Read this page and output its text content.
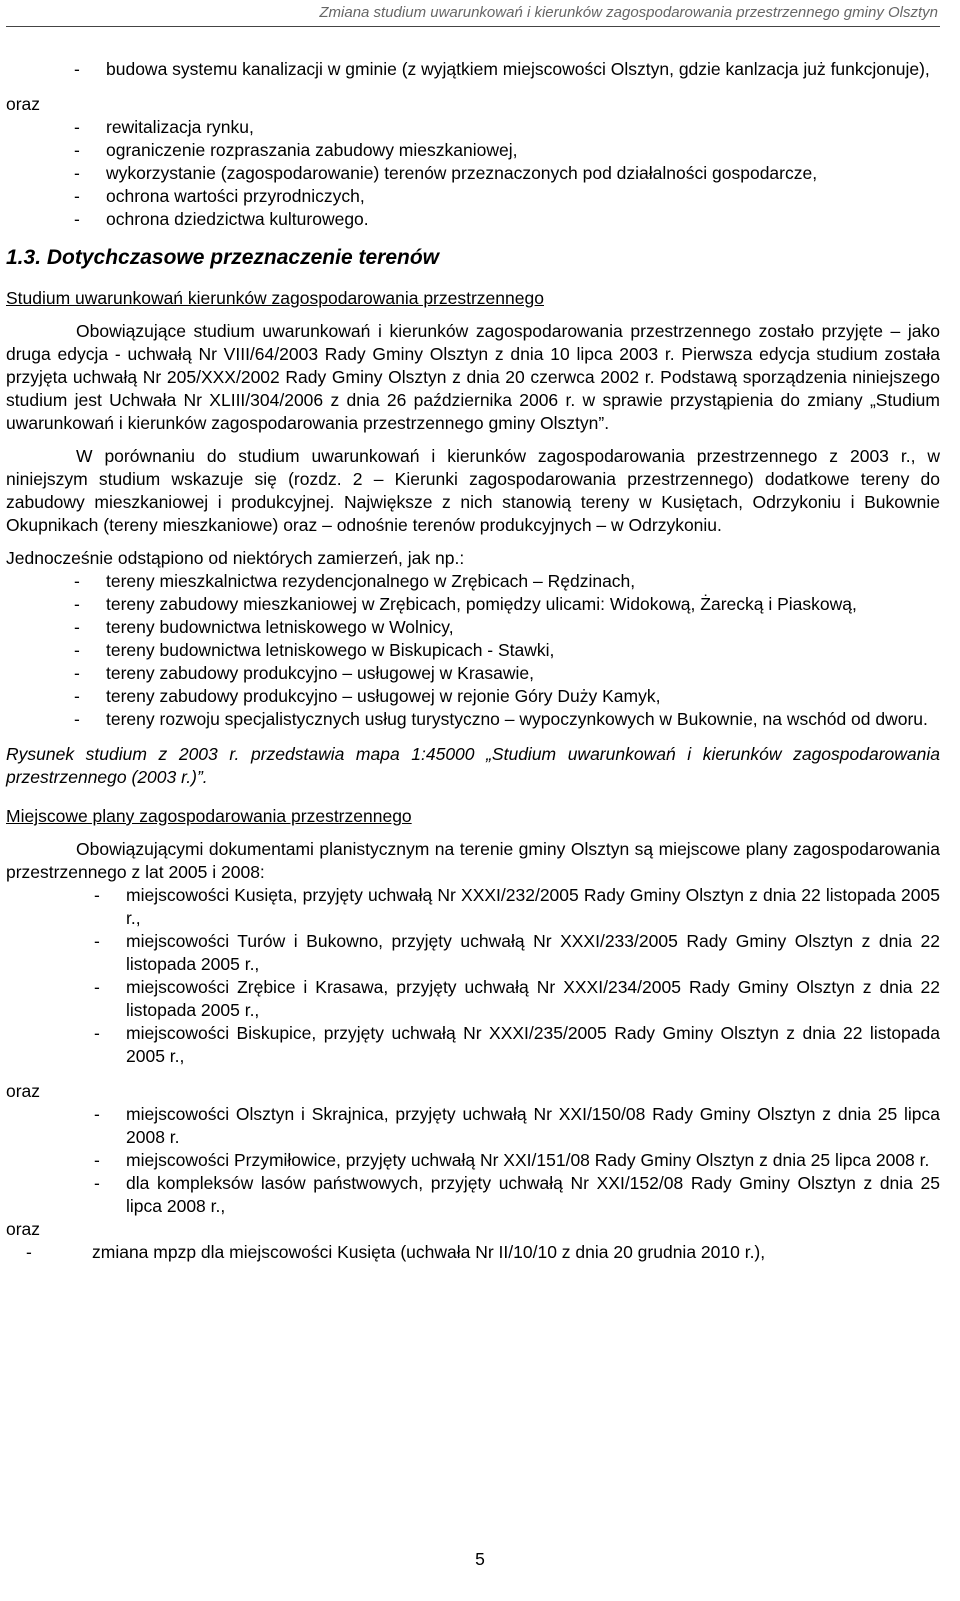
Zmiana studium uwarunkowań i kierunków zagospodarowania przestrzennego gminy Olsztyn
- budowa systemu kanalizacji w gminie (z wyjątkiem miejscowości Olsztyn, gdzie kanlzacja już funkcjonuje),
oraz
- rewitalizacja rynku,
- ograniczenie rozpraszania zabudowy mieszkaniowej,
- wykorzystanie (zagospodarowanie) terenów przeznaczonych pod działalności gospodarcze,
- ochrona wartości przyrodniczych,
- ochrona dziedzictwa kulturowego.
1.3. Dotychczasowe przeznaczenie terenów
Studium uwarunkowań kierunków zagospodarowania przestrzennego

Obowiązujące studium uwarunkowań i kierunków zagospodarowania przestrzennego zostało przyjęte – jako druga edycja - uchwałą Nr VIII/64/2003 Rady Gminy Olsztyn z dnia 10 lipca 2003 r. Pierwsza edycja studium została przyjęta uchwałą Nr 205/XXX/2002 Rady Gminy Olsztyn z dnia 20 czerwca 2002 r. Podstawą sporządzenia niniejszego studium jest Uchwała Nr XLIII/304/2006 z dnia 26 października 2006 r. w sprawie przystąpienia do zmiany „Studium uwarunkowań i kierunków zagospodarowania przestrzennego gminy Olsztyn”.

W porównaniu do studium uwarunkowań i kierunków zagospodarowania przestrzennego z 2003 r., w niniejszym studium wskazuje się (rozdz. 2 – Kierunki zagospodarowania przestrzennego) dodatkowe tereny do zabudowy mieszkaniowej i produkcyjnej. Największe z nich stanowią tereny w Kusiętach, Odrzykoniu i Bukownie Okupnikach (tereny mieszkaniowe) oraz – odnośnie terenów produkcyjnych – w Odrzykoniu.

Jednocześnie odstąpiono od niektórych zamierzeń, jak np.:

- tereny mieszkalnictwa rezydencjonalnego w Zrębicach – Rędzinach,
- tereny zabudowy mieszkaniowej w Zrębicach, pomiędzy ulicami: Widokową, Żarecką i Piaskową,
- tereny budownictwa letniskowego w Wolnicy,
- tereny budownictwa letniskowego w Biskupicach - Stawki,
- tereny zabudowy produkcyjno – usługowej w Krasawie,
- tereny zabudowy produkcyjno – usługowej w rejonie Góry Duży Kamyk,
- tereny rozwoju specjalistycznych usług turystyczno – wypoczynkowych w Bukownie, na wschód od dworu.

Rysunek studium z 2003 r. przedstawia mapa 1:45000 „Studium uwarunkowań i kierunków zagospodarowania przestrzennego (2003 r.)”.

Miejscowe plany zagospodarowania przestrzennego

Obowiązującymi dokumentami planistycznym na terenie gminy Olsztyn są miejscowe plany zagospodarowania przestrzennego z lat 2005 i 2008:

- miejscowości Kusięta, przyjęty uchwałą Nr XXXI/232/2005 Rady Gminy Olsztyn z dnia 22 listopada 2005 r.,
- miejscowości Turów i Bukowno, przyjęty uchwałą Nr XXXI/233/2005 Rady Gminy Olsztyn z dnia 22 listopada 2005 r.,
- miejscowości Zrębice i Krasawa, przyjęty uchwałą Nr XXXI/234/2005 Rady Gminy Olsztyn z dnia 22 listopada 2005 r.,
- miejscowości Biskupice, przyjęty uchwałą Nr XXXI/235/2005 Rady Gminy Olsztyn z dnia 22 listopada 2005 r.,
oraz
- miejscowości Olsztyn i Skrajnica, przyjęty uchwałą Nr XXI/150/08 Rady Gminy Olsztyn z dnia 25 lipca 2008 r.
- miejscowości Przymiłowice, przyjęty uchwałą Nr XXI/151/08 Rady Gminy Olsztyn z dnia 25 lipca 2008 r.
- dla kompleksów lasów państwowych, przyjęty uchwałą Nr XXI/152/08 Rady Gminy Olsztyn z dnia 25 lipca 2008 r.,
oraz
-	zmiana mpzp dla miejscowości Kusięta (uchwała Nr II/10/10 z dnia 20 grudnia 2010 r.),
5
